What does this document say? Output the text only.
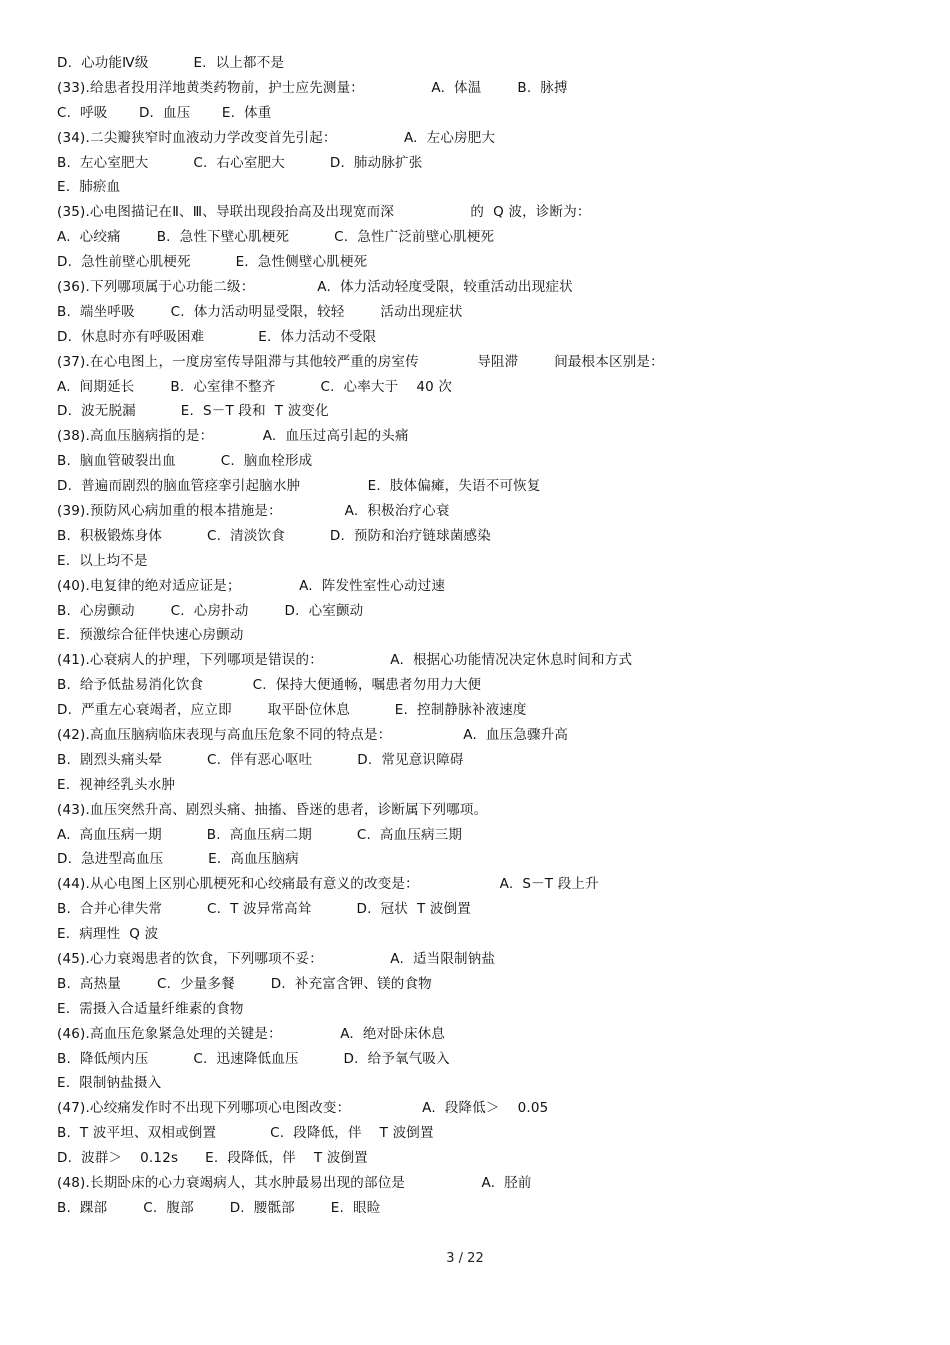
D.  心功能Ⅳ级          E.  以上都不是
(33).给患者投用洋地黄类药物前，护士应先测量：               A.  体温        B.  脉搏
C.  呼吸       D.  血压       E.  体重
(34).二尖瓣狭窄时血液动力学改变首先引起：               A.  左心房肥大
B.  左心室肥大          C.  右心室肥大          D.  肺动脉扩张
E.  肺瘀血
(35).心电图描记在Ⅱ、Ⅲ、导联出现段抬高及出现宽而深                 的  Q 波，诊断为：
A.  心绞痛        B.  急性下壁心肌梗死          C.  急性广泛前壁心肌梗死
D.  急性前壁心肌梗死          E.  急性侧壁心肌梗死
(36).下列哪项属于心功能二级：              A.  体力活动轻度受限，较重活动出现症状
B.  端坐呼吸        C.  体力活动明显受限，较轻        活动出现症状
D.  休息时亦有呼吸困难            E.  体力活动不受限
(37).在心电图上，一度房室传导阻滞与其他较严重的房室传             导阻滞        间最根本区别是：
A.  间期延长        B.  心室律不整齐          C.  心率大于    40 次
D.  波无脱漏          E.  S－T 段和  T 波变化
(38).高血压脑病指的是：           A.  血压过高引起的头痛
B.  脑血管破裂出血          C.  脑血栓形成
D.  普遍而剧烈的脑血管痉挛引起脑水肿               E.  肢体偏瘫，失语不可恢复
(39).预防风心病加重的根本措施是：              A.  积极治疗心衰
B.  积极锻炼身体          C.  清淡饮食          D.  预防和治疗链球菌感染
E.  以上均不是
(40).电复律的绝对适应证是；             A.  阵发性室性心动过速
B.  心房颤动        C.  心房扑动        D.  心室颤动
E.  预激综合征伴快速心房颤动
(41).心衰病人的护理，下列哪项是错误的：               A.  根据心功能情况决定休息时间和方式
B.  给予低盐易消化饮食           C.  保持大便通畅，嘱患者勿用力大便
D.  严重左心衰竭者，应立即        取平卧位休息          E.  控制静脉补液速度
(42).高血压脑病临床表现与高血压危象不同的特点是：                A.  血压急骤升高
B.  剧烈头痛头晕          C.  伴有恶心呕吐          D.  常见意识障碍
E.  视神经乳头水肿
(43).血压突然升高、剧烈头痛、抽搐、昏迷的患者，诊断属下列哪项。
A.  高血压病一期          B.  高血压病二期          C.  高血压病三期
D.  急进型高血压          E.  高血压脑病
(44).从心电图上区别心肌梗死和心绞痛最有意义的改变是：                  A.  S－T 段上升
B.  合并心律失常          C.  T 波异常高耸          D.  冠状  T 波倒置
E.  病理性  Q 波
(45).心力衰竭患者的饮食，下列哪项不妥：               A.  适当限制钠盐
B.  高热量        C.  少量多餐        D.  补充富含钾、镁的食物
E.  需摄入合适量纤维素的食物
(46).高血压危象紧急处理的关键是：             A.  绝对卧床休息
B.  降低颅内压          C.  迅速降低血压          D.  给予氧气吸入
E.  限制钠盐摄入
(47).心绞痛发作时不出现下列哪项心电图改变：                A.  段降低＞    0.05
B.  T 波平坦、双相或倒置            C.  段降低，伴    T 波倒置
D.  波群＞    0.12s      E.  段降低，伴    T 波倒置
(48).长期卧床的心力衰竭病人，其水肿最易出现的部位是                 A.  胫前
B.  踝部        C.  腹部        D.  腰骶部        E.  眼睑
3 / 22
